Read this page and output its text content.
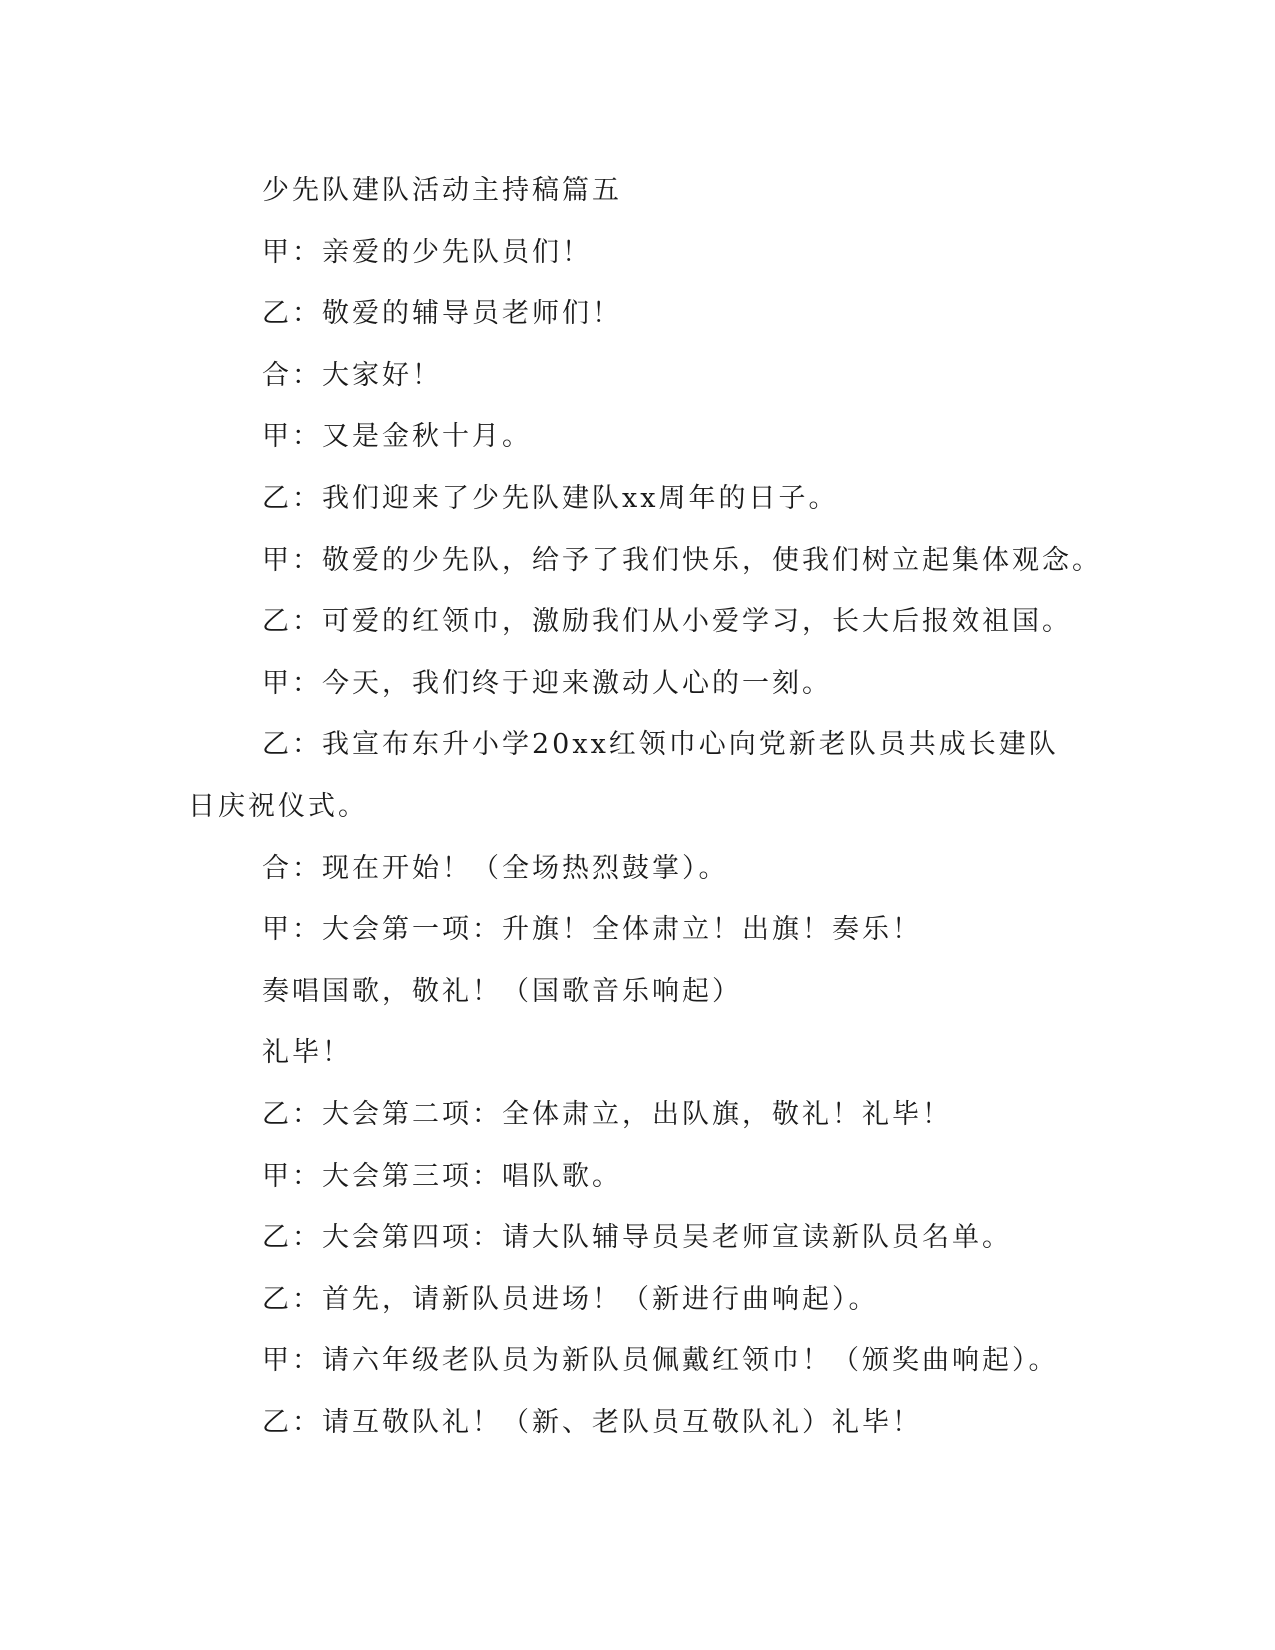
少先队建队活动主持稿篇五
甲：亲爱的少先队员们！
乙：敬爱的辅导员老师们！
合：大家好！
甲：又是金秋十月。
乙：我们迎来了少先队建队xx周年的日子。
甲：敬爱的少先队，给予了我们快乐，使我们树立起集体观念。
乙：可爱的红领巾，激励我们从小爱学习，长大后报效祖国。
甲：今天，我们终于迎来激动人心的一刻。
乙：我宣布东升小学20xx红领巾心向党新老队员共成长建队日庆祝仪式。
合：现在开始！（全场热烈鼓掌）。
甲：大会第一项：升旗！全体肃立！出旗！奏乐！
奏唱国歌，敬礼！（国歌音乐响起）
礼毕！
乙：大会第二项：全体肃立，出队旗，敬礼！礼毕！
甲：大会第三项：唱队歌。
乙：大会第四项：请大队辅导员吴老师宣读新队员名单。
乙：首先，请新队员进场！（新进行曲响起）。
甲：请六年级老队员为新队员佩戴红领巾！（颁奖曲响起）。
乙：请互敬队礼！（新、老队员互敬队礼）礼毕！
